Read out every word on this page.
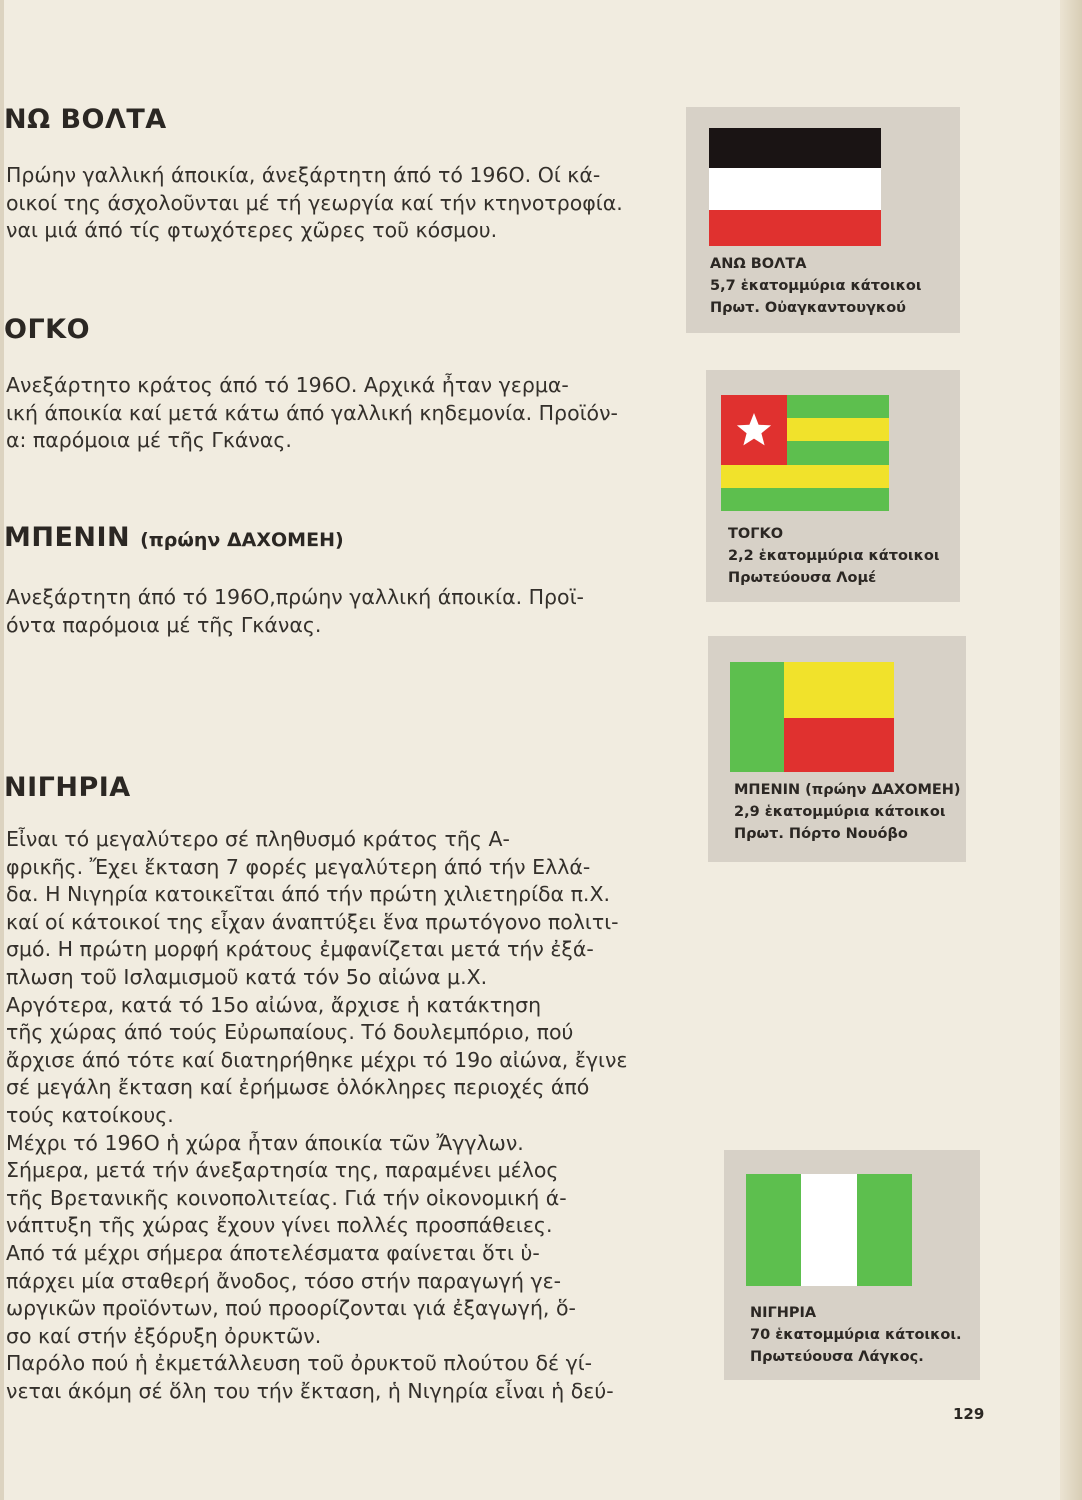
ΝΩ ΒΟΛΤΑ

Πρώην γαλλική άποικία, άνεξάρτητη άπό τό 196Ο. Οί κά-
οικοί της άσχολοῦνται μέ τή γεωργία καί τήν κτηνοτροφία.
ναι μιά άπό τίς φτωχότερες χῶρες τοῦ κόσμου.

ΟΓΚΟ

Ανεξάρτητο κράτος άπό τό 196Ο. Αρχικά ἦταν γερμα-
ική άποικία καί μετά κάτω άπό γαλλική κηδεμονία. Προϊόν-
α: παρόμοια μέ τῆς Γκάνας.

ΜΠΕΝΙΝ (πρώην ΔΑΧΟΜΕΗ)

Ανεξάρτητη άπό τό 196Ο,πρώην γαλλική άποικία. Προϊ-
όντα παρόμοια μέ τῆς Γκάνας.

ΝΙΓΗΡΙΑ

Εἶναι τό μεγαλύτερο σέ πληθυσμό κράτος τῆς Α-
φρικῆς. Ἔχει ἔκταση 7 φορές μεγαλύτερη άπό τήν Ελλά-
δα. Η Νιγηρία κατοικεῖται άπό τήν πρώτη χιλιετηρίδα π.Χ.
καί οί κάτοικοί της εἶχαν άναπτύξει ἕνα πρωτόγονο πολιτι-
σμό. Η πρώτη μορφή κράτους ἐμφανίζεται μετά τήν ἐξά-
πλωση τοῦ Ισλαμισμοῦ κατά τόν 5ο αἰώνα μ.Χ.
Αργότερα, κατά τό 15ο αἰώνα, ἄρχισε ἡ κατάκτηση
τῆς χώρας άπό τούς Εὐρωπαίους. Τό δουλεμπόριο, πού
ἄρχισε άπό τότε καί διατηρήθηκε μέχρι τό 19ο αἰώνα, ἔγινε
σέ μεγάλη ἔκταση καί ἐρήμωσε ὁλόκληρες περιοχές άπό
τούς κατοίκους.
Μέχρι τό 196Ο ἡ χώρα ἦταν άποικία τῶν Ἄγγλων.
Σήμερα, μετά τήν άνεξαρτησία της, παραμένει μέλος
τῆς Βρετανικῆς κοινοπολιτείας. Γιά τήν οἰκονομική ά-
νάπτυξη τῆς χώρας ἔχουν γίνει πολλές προσπάθειες.
Από τά μέχρι σήμερα άποτελέσματα φαίνεται ὅτι ὑ-
πάρχει μία σταθερή ἄνοδος, τόσο στήν παραγωγή γε-
ωργικῶν προϊόντων, πού προορίζονται γιά ἐξαγωγή, ὅ-
σο καί στήν ἐξόρυξη ὀρυκτῶν.
Παρόλο πού ἡ ἐκμετάλλευση τοῦ ὀρυκτοῦ πλούτου δέ γί-
νεται άκόμη σέ ὅλη του τήν ἔκταση, ἡ Νιγηρία εἶναι ἡ δεύ-

ΑΝΩ ΒΟΛΤΑ
5,7 ἑκατομμύρια κάτοικοι
Πρωτ. Οὐαγκαντουγκού
ΤΟΓΚΟ
2,2 ἑκατομμύρια κάτοικοι
Πρωτεύουσα Λομέ
ΜΠΕΝΙΝ (πρώην ΔΑΧΟΜΕΗ)
2,9 ἑκατομμύρια κάτοικοι
Πρωτ. Πόρτο Νουόβο
ΝΙΓΗΡΙΑ
70 ἑκατομμύρια κάτοικοι.
Πρωτεύουσα Λάγκος.

129
